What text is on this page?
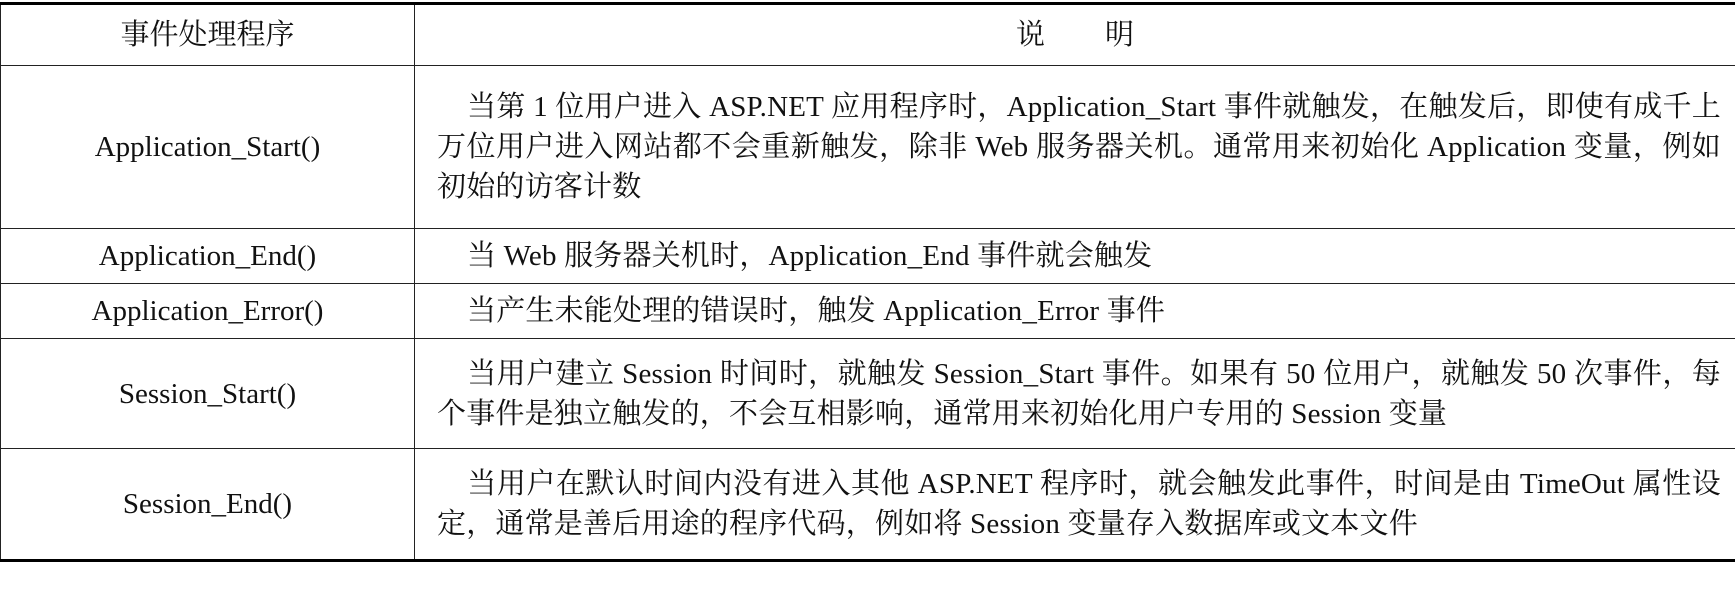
事件处理程序	说明
Application_Start()	当第 1 位用户进入 ASP.NET 应用程序时，Application_Start 事件就触发，在触发后，即使有成千上万位用户进入网站都不会重新触发，除非 Web 服务器关机。通常用来初始化 Application 变量，例如初始的访客计数
Application_End()	当 Web 服务器关机时，Application_End 事件就会触发
Application_Error()	当产生未能处理的错误时，触发 Application_Error 事件
Session_Start()	当用户建立 Session 时间时，就触发 Session_Start 事件。如果有 50 位用户，就触发 50 次事件，每个事件是独立触发的，不会互相影响，通常用来初始化用户专用的 Session 变量
Session_End()	当用户在默认时间内没有进入其他 ASP.NET 程序时，就会触发此事件，时间是由 TimeOut 属性设定，通常是善后用途的程序代码，例如将 Session 变量存入数据库或文本文件
